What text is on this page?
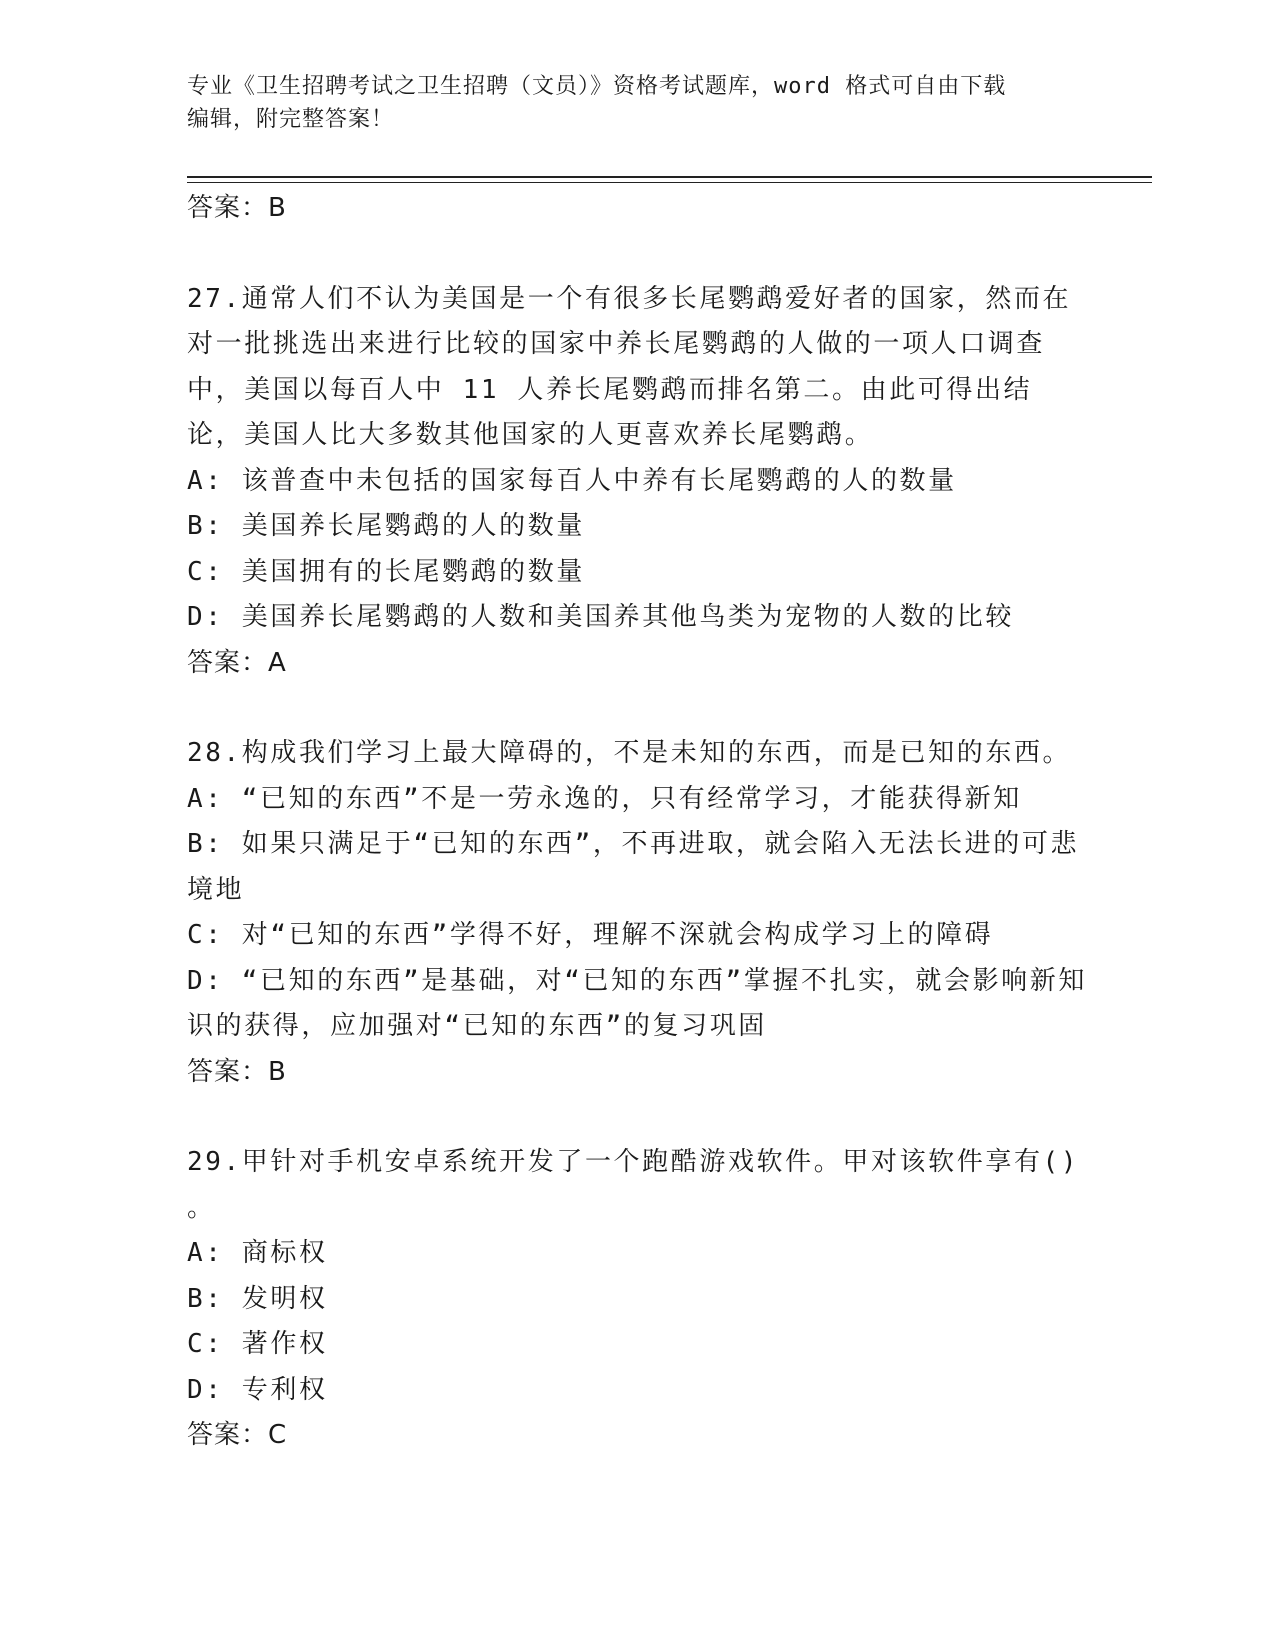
专业《卫生招聘考试之卫生招聘（文员）》资格考试题库，word 格式可自由下载
编辑，附完整答案！
答案：B
27.通常人们不认为美国是一个有很多长尾鹦鹉爱好者的国家，然而在对一批挑选出来进行比较的国家中养长尾鹦鹉的人做的一项人口调查中，美国以每百人中 11 人养长尾鹦鹉而排名第二。由此可得出结论，美国人比大多数其他国家的人更喜欢养长尾鹦鹉。
A: 该普查中未包括的国家每百人中养有长尾鹦鹉的人的数量
B: 美国养长尾鹦鹉的人的数量
C: 美国拥有的长尾鹦鹉的数量
D: 美国养长尾鹦鹉的人数和美国养其他鸟类为宠物的人数的比较
答案：A
28.构成我们学习上最大障碍的，不是未知的东西，而是已知的东西。
A: “已知的东西”不是一劳永逸的，只有经常学习，才能获得新知
B: 如果只满足于“已知的东西”，不再进取，就会陷入无法长进的可悲境地
C: 对“已知的东西”学得不好，理解不深就会构成学习上的障碍
D: “已知的东西”是基础，对“已知的东西”掌握不扎实，就会影响新知识的获得，应加强对“已知的东西”的复习巩固
答案：B
29.甲针对手机安卓系统开发了一个跑酷游戏软件。甲对该软件享有()
。
A: 商标权
B: 发明权
C: 著作权
D: 专利权
答案：C
